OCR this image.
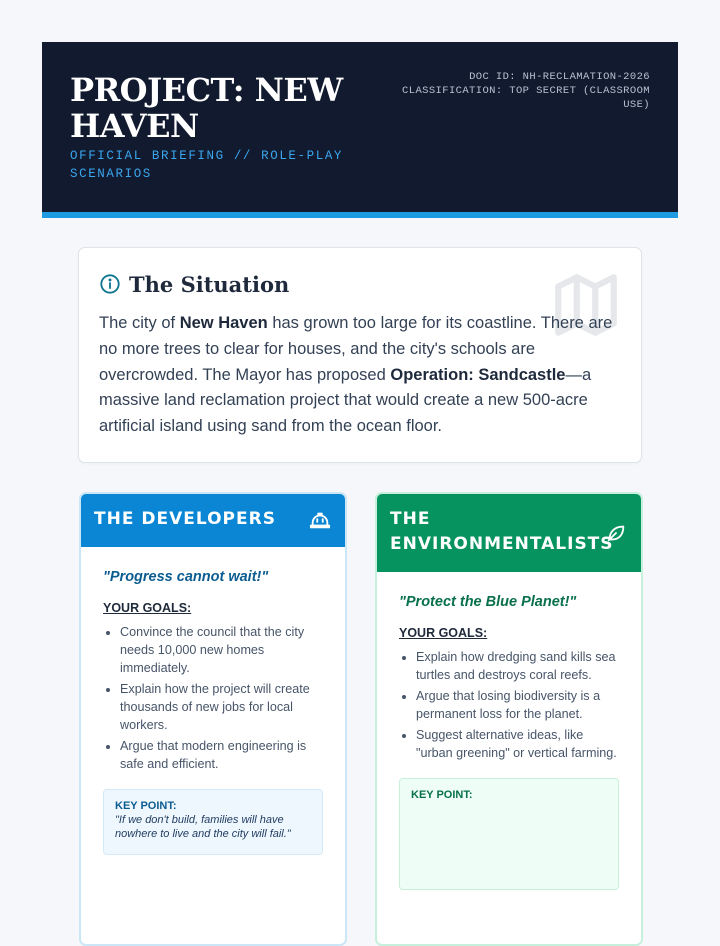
PROJECT: NEW HAVEN
OFFICIAL BRIEFING // ROLE-PLAY SCENARIOS
DOC ID: NH-RECLAMATION-2026
CLASSIFICATION: TOP SECRET (CLASSROOM USE)
The Situation
The city of New Haven has grown too large for its coastline. There are no more trees to clear for houses, and the city's schools are overcrowded. The Mayor has proposed Operation: Sandcastle—a massive land reclamation project that would create a new 500-acre artificial island using sand from the ocean floor.
THE DEVELOPERS
"Progress cannot wait!"
YOUR GOALS:
• Convince the council that the city needs 10,000 new homes immediately.
• Explain how the project will create thousands of new jobs for local workers.
• Argue that modern engineering is safe and efficient.
KEY POINT:
"If we don't build, families will have nowhere to live and the city will fail."
THE ENVIRONMENTALISTS
"Protect the Blue Planet!"
YOUR GOALS:
• Explain how dredging sand kills sea turtles and destroys coral reefs.
• Argue that losing biodiversity is a permanent loss for the planet.
• Suggest alternative ideas, like "urban greening" or vertical farming.
KEY POINT:
